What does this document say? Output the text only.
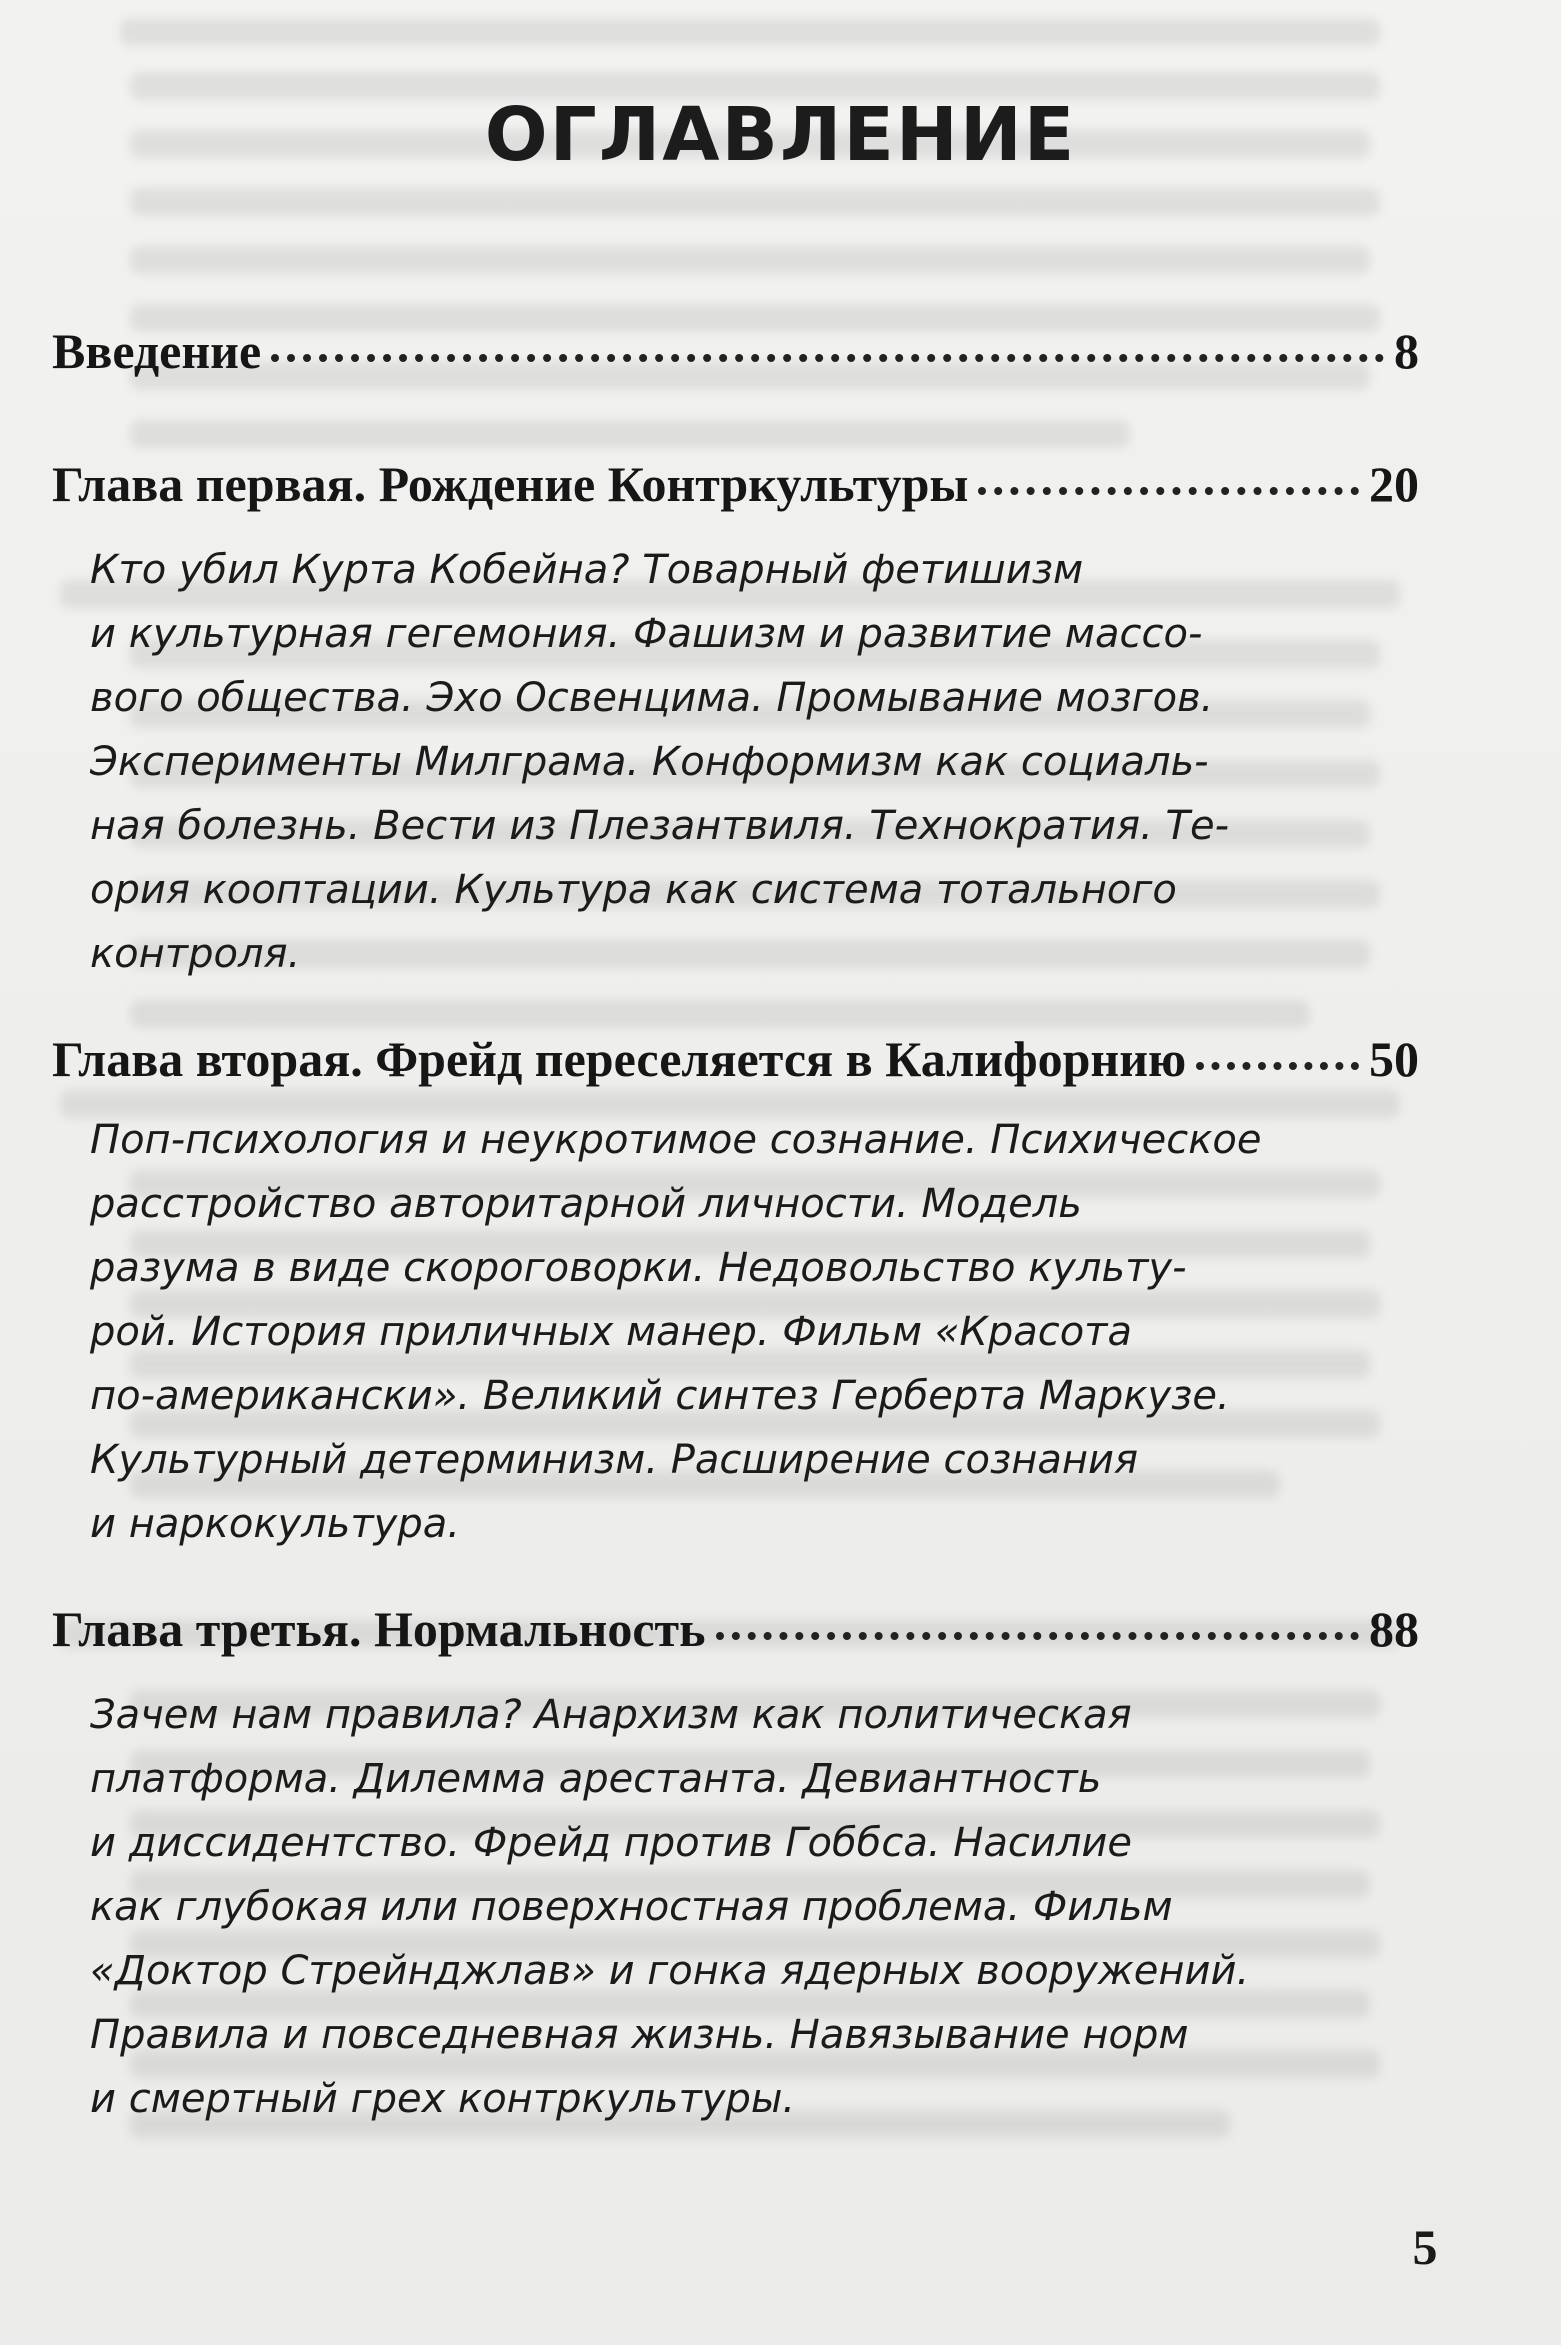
ОГЛАВЛЕНИЕ
Введение	8
Глава первая. Рождение Контркультуры	20
Кто убил Курта Кобейна? Товарный фетишизм
и культурная гегемония. Фашизм и развитие массо-
вого общества. Эхо Освенцима. Промывание мозгов.
Эксперименты Милграма. Конформизм как социаль-
ная болезнь. Вести из Плезантвиля. Технократия. Те-
ория кооптации. Культура как система тотального
контроля.
Глава вторая. Фрейд переселяется в Калифорнию	50
Поп-психология и неукротимое сознание. Психическое
расстройство авторитарной личности. Модель
разума в виде скороговорки. Недовольство культу-
рой. История приличных манер. Фильм «Красота
по-американски». Великий синтез Герберта Маркузе.
Культурный детерминизм. Расширение сознания
и наркокультура.
Глава третья. Нормальность	88
Зачем нам правила? Анархизм как политическая
платформа. Дилемма арестанта. Девиантность
и диссидентство. Фрейд против Гоббса. Насилие
как глубокая или поверхностная проблема. Фильм
«Доктор Стрейнджлав» и гонка ядерных вооружений.
Правила и повседневная жизнь. Навязывание норм
и смертный грех контркультуры.
5
